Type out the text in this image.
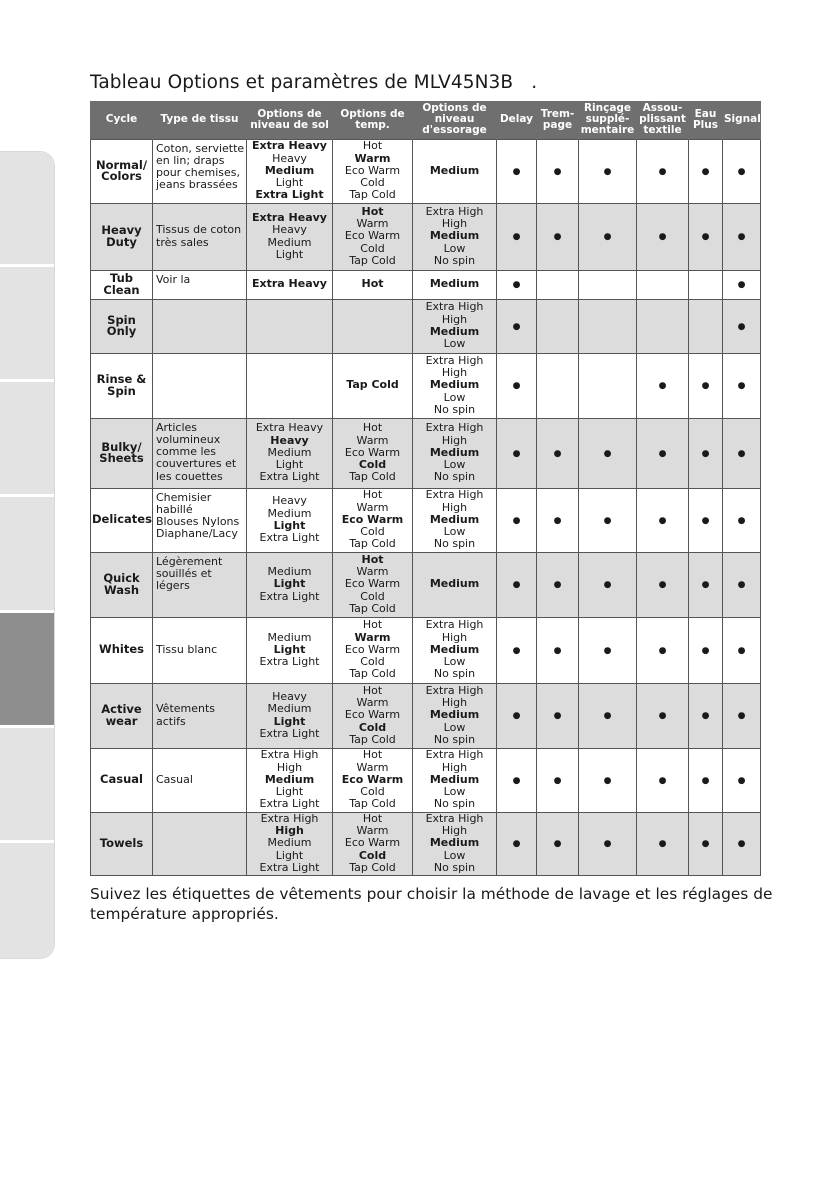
Tableau Options et paramètres de MLV45N3B .
Cycle	Type de tissu	Options de niveau de sol	Options de temp.	Options de niveau d'essorage	Delay	Trem- page	Rinçage supplé- mentaire	Assou- plissant textile	Eau Plus	Signal
Normal/ Colors	Coton, serviette
en lin; draps
pour chemises,
jeans brassées	Extra Heavy
Heavy
Medium
Light
Extra Light	Hot
Warm
Eco Warm
Cold
Tap Cold	Medium	●	●	●	●	●	●
Heavy Duty	Tissus de coton
très sales	Extra Heavy
Heavy
Medium
Light	Hot
Warm
Eco Warm
Cold
Tap Cold	Extra High
High
Medium
Low
No spin	●	●	●	●	●	●
Tub Clean	Voir la	Extra Heavy	Hot	Medium	●					●
Spin Only				Extra High
High
Medium
Low	●					●
Rinse & Spin			Tap Cold	Extra High
High
Medium
Low
No spin	●			●	●	●
Bulky/ Sheets	Articles
volumineux
comme les
couvertures et
les couettes	Extra Heavy
Heavy
Medium
Light
Extra Light	Hot
Warm
Eco Warm
Cold
Tap Cold	Extra High
High
Medium
Low
No spin	●	●	●	●	●	●
Delicates	Chemisier
habillé
Blouses Nylons
Diaphane/Lacy	Heavy
Medium
Light
Extra Light	Hot
Warm
Eco Warm
Cold
Tap Cold	Extra High
High
Medium
Low
No spin	●	●	●	●	●	●
Quick Wash	Légèrement
souillés et
légers	Medium
Light
Extra Light	Hot
Warm
Eco Warm
Cold
Tap Cold	Medium	●	●	●	●	●	●
Whites	Tissu blanc	Medium
Light
Extra Light	Hot
Warm
Eco Warm
Cold
Tap Cold	Extra High
High
Medium
Low
No spin	●	●	●	●	●	●
Active wear	Vêtements
actifs	Heavy
Medium
Light
Extra Light	Hot
Warm
Eco Warm
Cold
Tap Cold	Extra High
High
Medium
Low
No spin	●	●	●	●	●	●
Casual	Casual	Extra High
High
Medium
Light
Extra Light	Hot
Warm
Eco Warm
Cold
Tap Cold	Extra High
High
Medium
Low
No spin	●	●	●	●	●	●
Towels		Extra High
High
Medium
Light
Extra Light	Hot
Warm
Eco Warm
Cold
Tap Cold	Extra High
High
Medium
Low
No spin	●	●	●	●	●	●

Suivez les étiquettes de vêtements pour choisir la méthode de lavage et les réglages de température appropriés.
